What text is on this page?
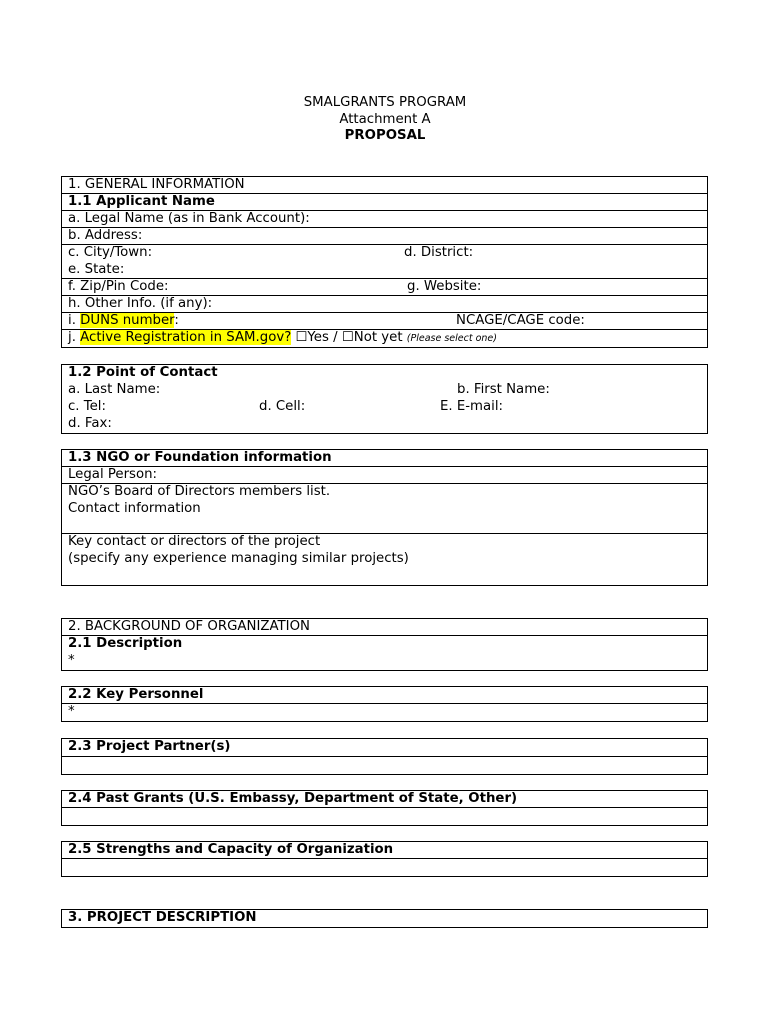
SMALGRANTS PROGRAM
Attachment A
PROPOSAL
1. GENERAL INFORMATION
1.1 Applicant Name
a. Legal Name (as in Bank Account):
b. Address:
c. City/Town:	d. District:
e. State:
f. Zip/Pin Code:	g. Website:
h. Other Info. (if any):
i. DUNS number:	NCAGE/CAGE code:
j. Active Registration in SAM.gov? ☐Yes / ☐Not yet (Please select one)
1.2 Point of Contact
a. Last Name:	b. First Name:
c. Tel:	d. Cell:	E. E-mail:
d. Fax:
1.3 NGO or Foundation information
Legal Person:
NGO’s Board of Directors members list.
Contact information
Key contact or directors of the project
(specify any experience managing similar projects)
2. BACKGROUND OF ORGANIZATION
2.1 Description
*
2.2 Key Personnel
*
2.3 Project Partner(s)
2.4 Past Grants (U.S. Embassy, Department of State, Other)
2.5 Strengths and Capacity of Organization
3. PROJECT DESCRIPTION
